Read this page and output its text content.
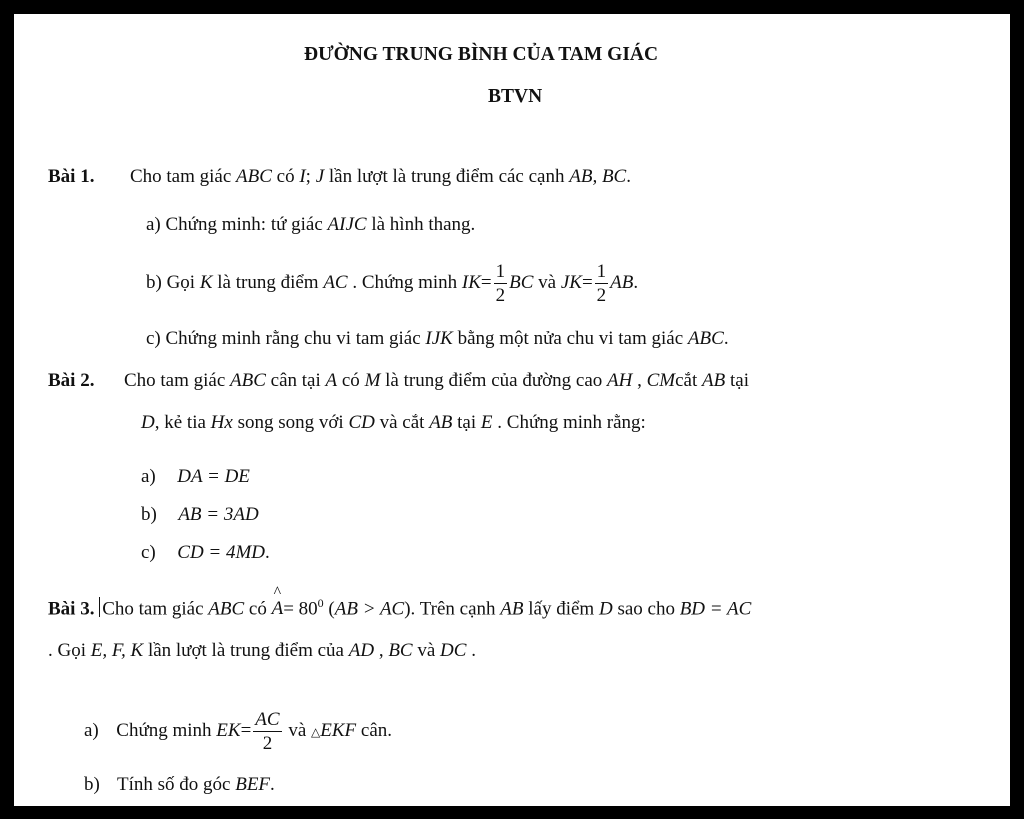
ĐƯỜNG TRUNG BÌNH CỦA TAM GIÁC
BTVN
Bài 1. Cho tam giác ABC có I; J lần lượt là trung điểm các cạnh AB, BC.
a) Chứng minh: tứ giác AIJC là hình thang.
b) Gọi K là trung điểm AC . Chứng minh $IK= \frac{1}{2}$ BC và $JK= \frac{1}{2}$ AB.
c) Chứng minh rằng chu vi tam giác IJK bằng một nửa chu vi tam giác ABC.
Bài 2. Cho tam giác ABC cân tại A có M là trung điểm của đường cao AH , CMcắt AB tại
D, kẻ tia Hx song song với CD và cắt AB tại E . Chứng minh rằng:
a) DA = DE
b) AB = 3AD
c) CD = 4MD.
Bài 3. Cho tam giác ABC có
^
$A= 80^0$ (AB > AC). Trên cạnh AB lấy điểm D sao cho BD = AC
. Gọi E, F, K lần lượt là trung điểm của AD , BC và DC .
a) Chứng minh $EK= \frac{AC}{2}$ và △EKF cân.
b) Tính số đo góc BEF.
